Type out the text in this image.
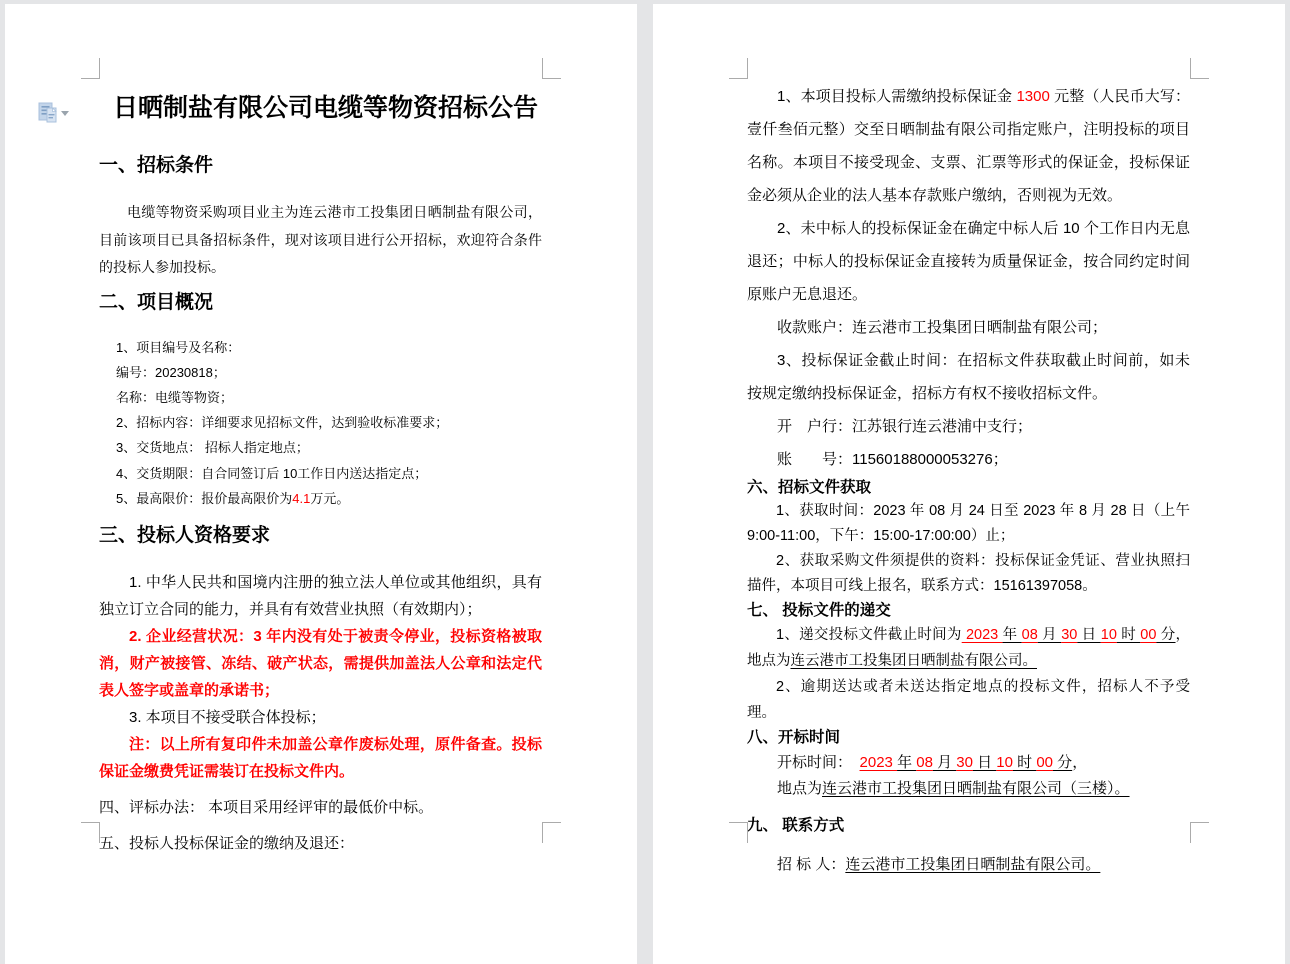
日晒制盐有限公司电缆等物资招标公告
一、招标条件

电缆等物资采购项目业主为连云港市工投集团日晒制盐有限公司，目前该项目已具备招标条件，现对该项目进行公开招标，欢迎符合条件的投标人参加投标。

二、项目概况

1、项目编号及名称：

编号：20230818；

名称：电缆等物资；

2、招标内容：详细要求见招标文件，达到验收标准要求；

3、交货地点： 招标人指定地点；

4、交货期限：自合同签订后 10工作日内送达指定点；

5、最高限价：报价最高限价为4.1万元。

三、投标人资格要求

1. 中华人民共和国境内注册的独立法人单位或其他组织，具有独立订立合同的能力，并具有有效营业执照（有效期内）；

2. 企业经营状况：3 年内没有处于被责令停业，投标资格被取消，财产被接管、冻结、破产状态，需提供加盖法人公章和法定代表人签字或盖章的承诺书；

3. 本项目不接受联合体投标；

注：以上所有复印件未加盖公章作废标处理，原件备查。投标保证金缴费凭证需装订在投标文件内。

四、评标办法： 本项目采用经评审的最低价中标。

五、投标人投标保证金的缴纳及退还：

1、本项目投标人需缴纳投标保证金 1300 元整（人民币大写：壹仟叁佰元整）交至日晒制盐有限公司指定账户，注明投标的项目名称。本项目不接受现金、支票、汇票等形式的保证金，投标保证金必须从企业的法人基本存款账户缴纳，否则视为无效。

2、未中标人的投标保证金在确定中标人后 10 个工作日内无息退还；中标人的投标保证金直接转为质量保证金，按合同约定时间原账户无息退还。

收款账户：连云港市工投集团日晒制盐有限公司；

3、投标保证金截止时间：在招标文件获取截止时间前，如未按规定缴纳投标保证金，招标方有权不接收招标文件。

开　户行：江苏银行连云港浦中支行；

账　　号：11560188000053276；

六、招标文件获取

1、获取时间：2023 年 08 月 24 日至 2023 年 8 月 28 日（上午 9:00-11:00，下午：15:00-17:00:00）止；

2、获取采购文件须提供的资料：投标保证金凭证、营业执照扫描件，本项目可线上报名，联系方式：15161397058。

七、 投标文件的递交

1、递交投标文件截止时间为 2023 年 08 月 30 日 10 时 00 分，地点为连云港市工投集团日晒制盐有限公司。

2、逾期送达或者未送达指定地点的投标文件，招标人不予受理。

八、开标时间

开标时间：　2023 年 08 月 30 日 10 时 00 分，

地点为连云港市工投集团日晒制盐有限公司（三楼）。

九、 联系方式

招 标 人：连云港市工投集团日晒制盐有限公司。
